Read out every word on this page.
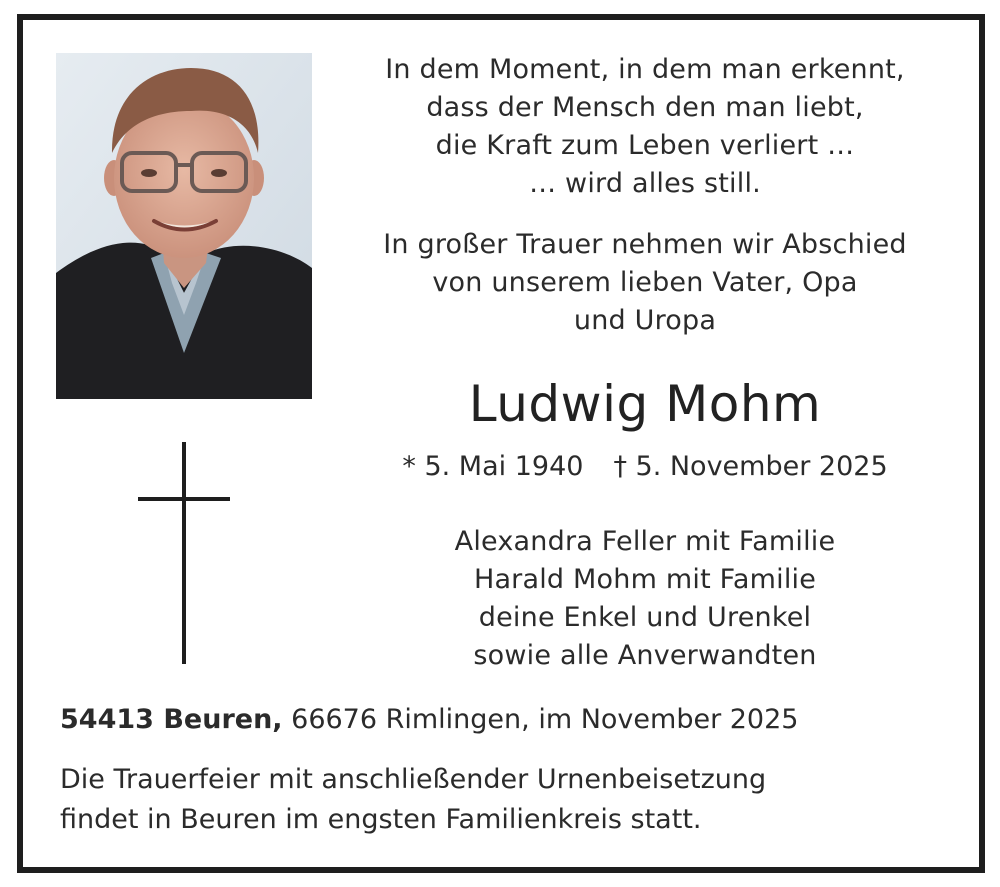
In dem Moment, in dem man erkennt,
dass der Mensch den man liebt,
die Kraft zum Leben verliert …
… wird alles still.
In großer Trauer nehmen wir Abschied
von unserem lieben Vater, Opa
und Uropa
Ludwig Mohm
* 5. Mai 1940 † 5. November 2025
Alexandra Feller mit Familie
Harald Mohm mit Familie
deine Enkel und Urenkel
sowie alle Anverwandten
54413 Beuren, 66676 Rimlingen, im November 2025
Die Trauerfeier mit anschließender Urnenbeisetzung
findet in Beuren im engsten Familienkreis statt.
